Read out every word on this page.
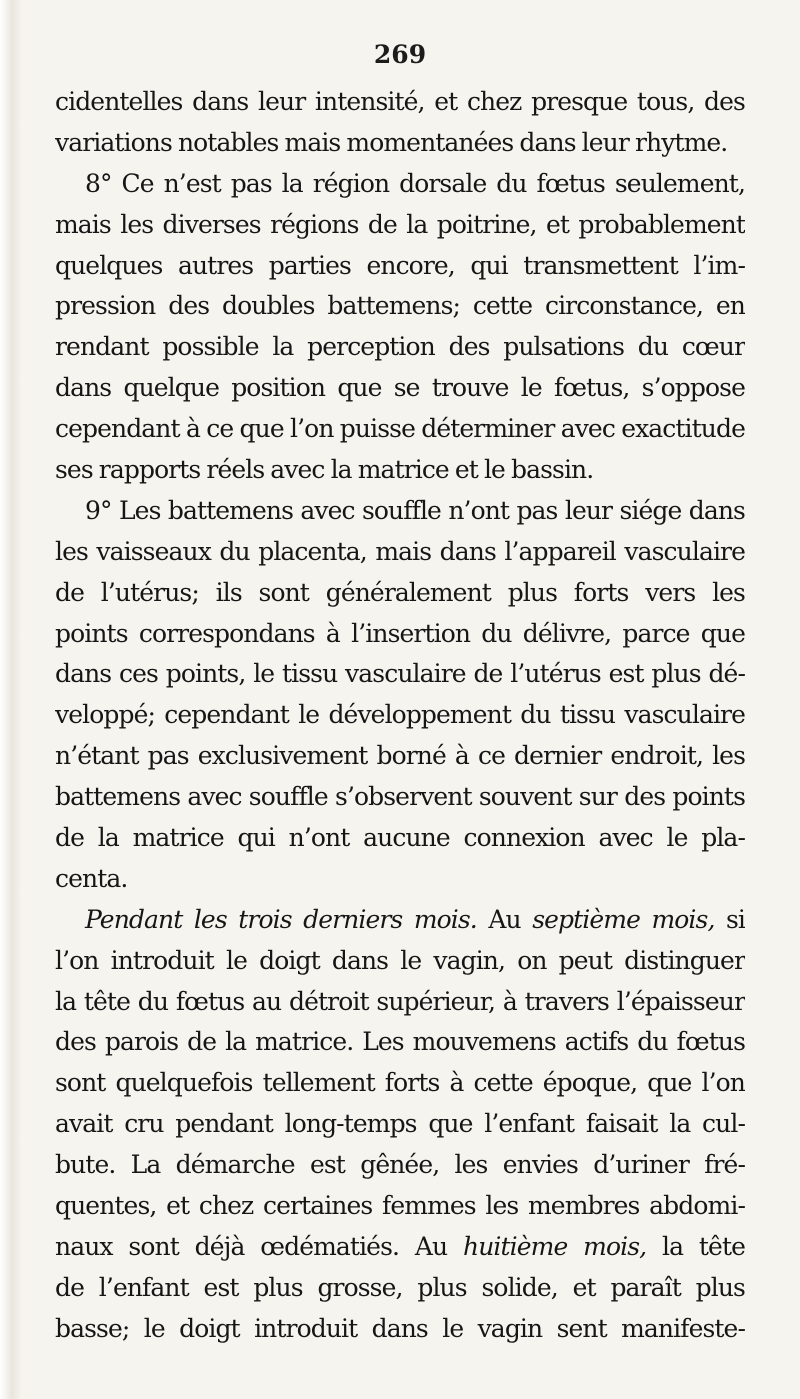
269
cidentelles dans leur intensité, et chez presque tous, des
variations notables mais momentanées dans leur rhytme.
8° Ce n’est pas la région dorsale du fœtus seulement,
mais les diverses régions de la poitrine, et probablement
quelques autres parties encore, qui transmettent l’im-
pression des doubles battemens; cette circonstance, en
rendant possible la perception des pulsations du cœur
dans quelque position que se trouve le fœtus, s’oppose
cependant à ce que l’on puisse déterminer avec exactitude
ses rapports réels avec la matrice et le bassin.
9° Les battemens avec souffle n’ont pas leur siége dans
les vaisseaux du placenta, mais dans l’appareil vasculaire
de l’utérus; ils sont généralement plus forts vers les
points correspondans à l’insertion du délivre, parce que
dans ces points, le tissu vasculaire de l’utérus est plus dé-
veloppé; cependant le développement du tissu vasculaire
n’étant pas exclusivement borné à ce dernier endroit, les
battemens avec souffle s’observent souvent sur des points
de la matrice qui n’ont aucune connexion avec le pla-
centa.
Pendant les trois derniers mois. Au septième mois, si
l’on introduit le doigt dans le vagin, on peut distinguer
la tête du fœtus au détroit supérieur, à travers l’épaisseur
des parois de la matrice. Les mouvemens actifs du fœtus
sont quelquefois tellement forts à cette époque, que l’on
avait cru pendant long-temps que l’enfant faisait la cul-
bute. La démarche est gênée, les envies d’uriner fré-
quentes, et chez certaines femmes les membres abdomi-
naux sont déjà œdématiés. Au huitième mois, la tête
de l’enfant est plus grosse, plus solide, et paraît plus
basse; le doigt introduit dans le vagin sent manifeste-
